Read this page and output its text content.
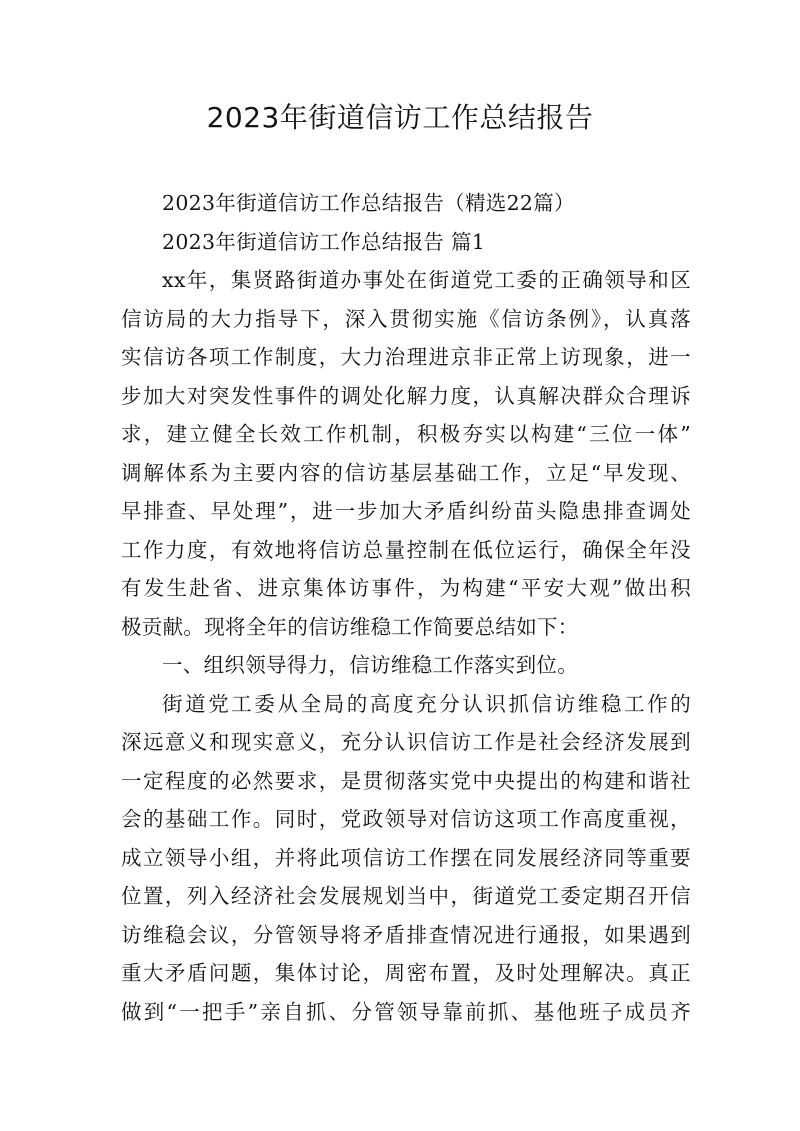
2023年街道信访工作总结报告
2023年街道信访工作总结报告（精选22篇）
2023年街道信访工作总结报告 篇1
xx年，集贤路街道办事处在街道党工委的正确领导和区
信访局的大力指导下，深入贯彻实施《信访条例》，认真落
实信访各项工作制度，大力治理进京非正常上访现象，进一
步加大对突发性事件的调处化解力度，认真解决群众合理诉
求，建立健全长效工作机制，积极夯实以构建“三位一体”
调解体系为主要内容的信访基层基础工作，立足“早发现、
早排查、早处理”，进一步加大矛盾纠纷苗头隐患排查调处
工作力度，有效地将信访总量控制在低位运行，确保全年没
有发生赴省、进京集体访事件，为构建“平安大观”做出积
极贡献。现将全年的信访维稳工作简要总结如下：
一、组织领导得力，信访维稳工作落实到位。
街道党工委从全局的高度充分认识抓信访维稳工作的
深远意义和现实意义，充分认识信访工作是社会经济发展到
一定程度的必然要求，是贯彻落实党中央提出的构建和谐社
会的基础工作。同时，党政领导对信访这项工作高度重视，
成立领导小组，并将此项信访工作摆在同发展经济同等重要
位置，列入经济社会发展规划当中，街道党工委定期召开信
访维稳会议，分管领导将矛盾排查情况进行通报，如果遇到
重大矛盾问题，集体讨论，周密布置，及时处理解决。真正
做到“一把手”亲自抓、分管领导靠前抓、基他班子成员齐
